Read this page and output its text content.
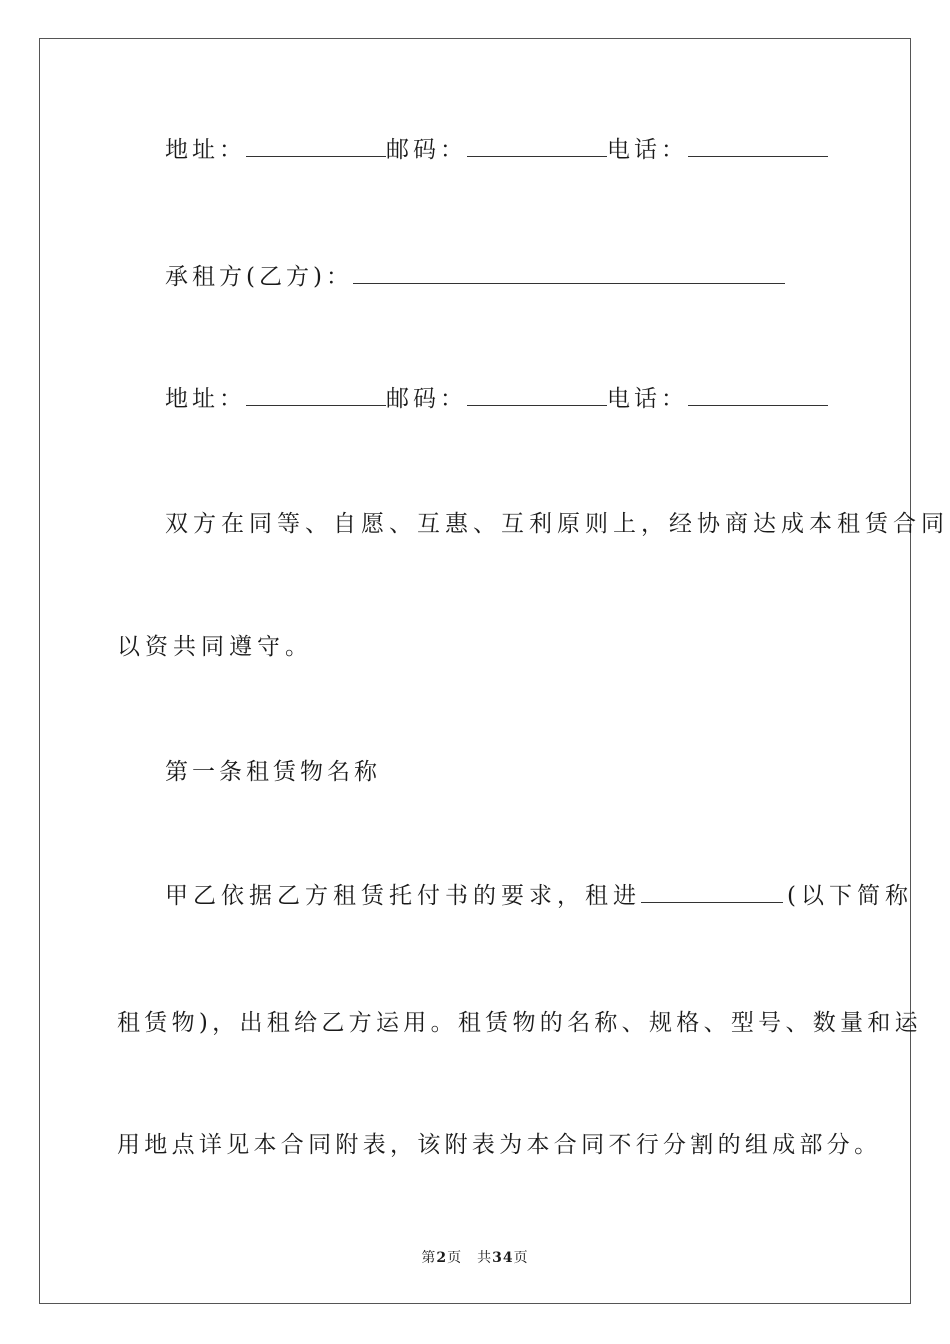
地址：	邮码：	电话：
承租方(乙方)：
地址：	邮码：	电话：
双方在同等、自愿、互惠、互利原则上，经协商达成本租赁合同
以资共同遵守。
第一条租赁物名称
甲乙依据乙方租赁托付书的要求，租进	(以下简称
租赁物)，出租给乙方运用。租赁物的名称、规格、型号、数量和运
用地点详见本合同附表，该附表为本合同不行分割的组成部分。
第2页　共34页
